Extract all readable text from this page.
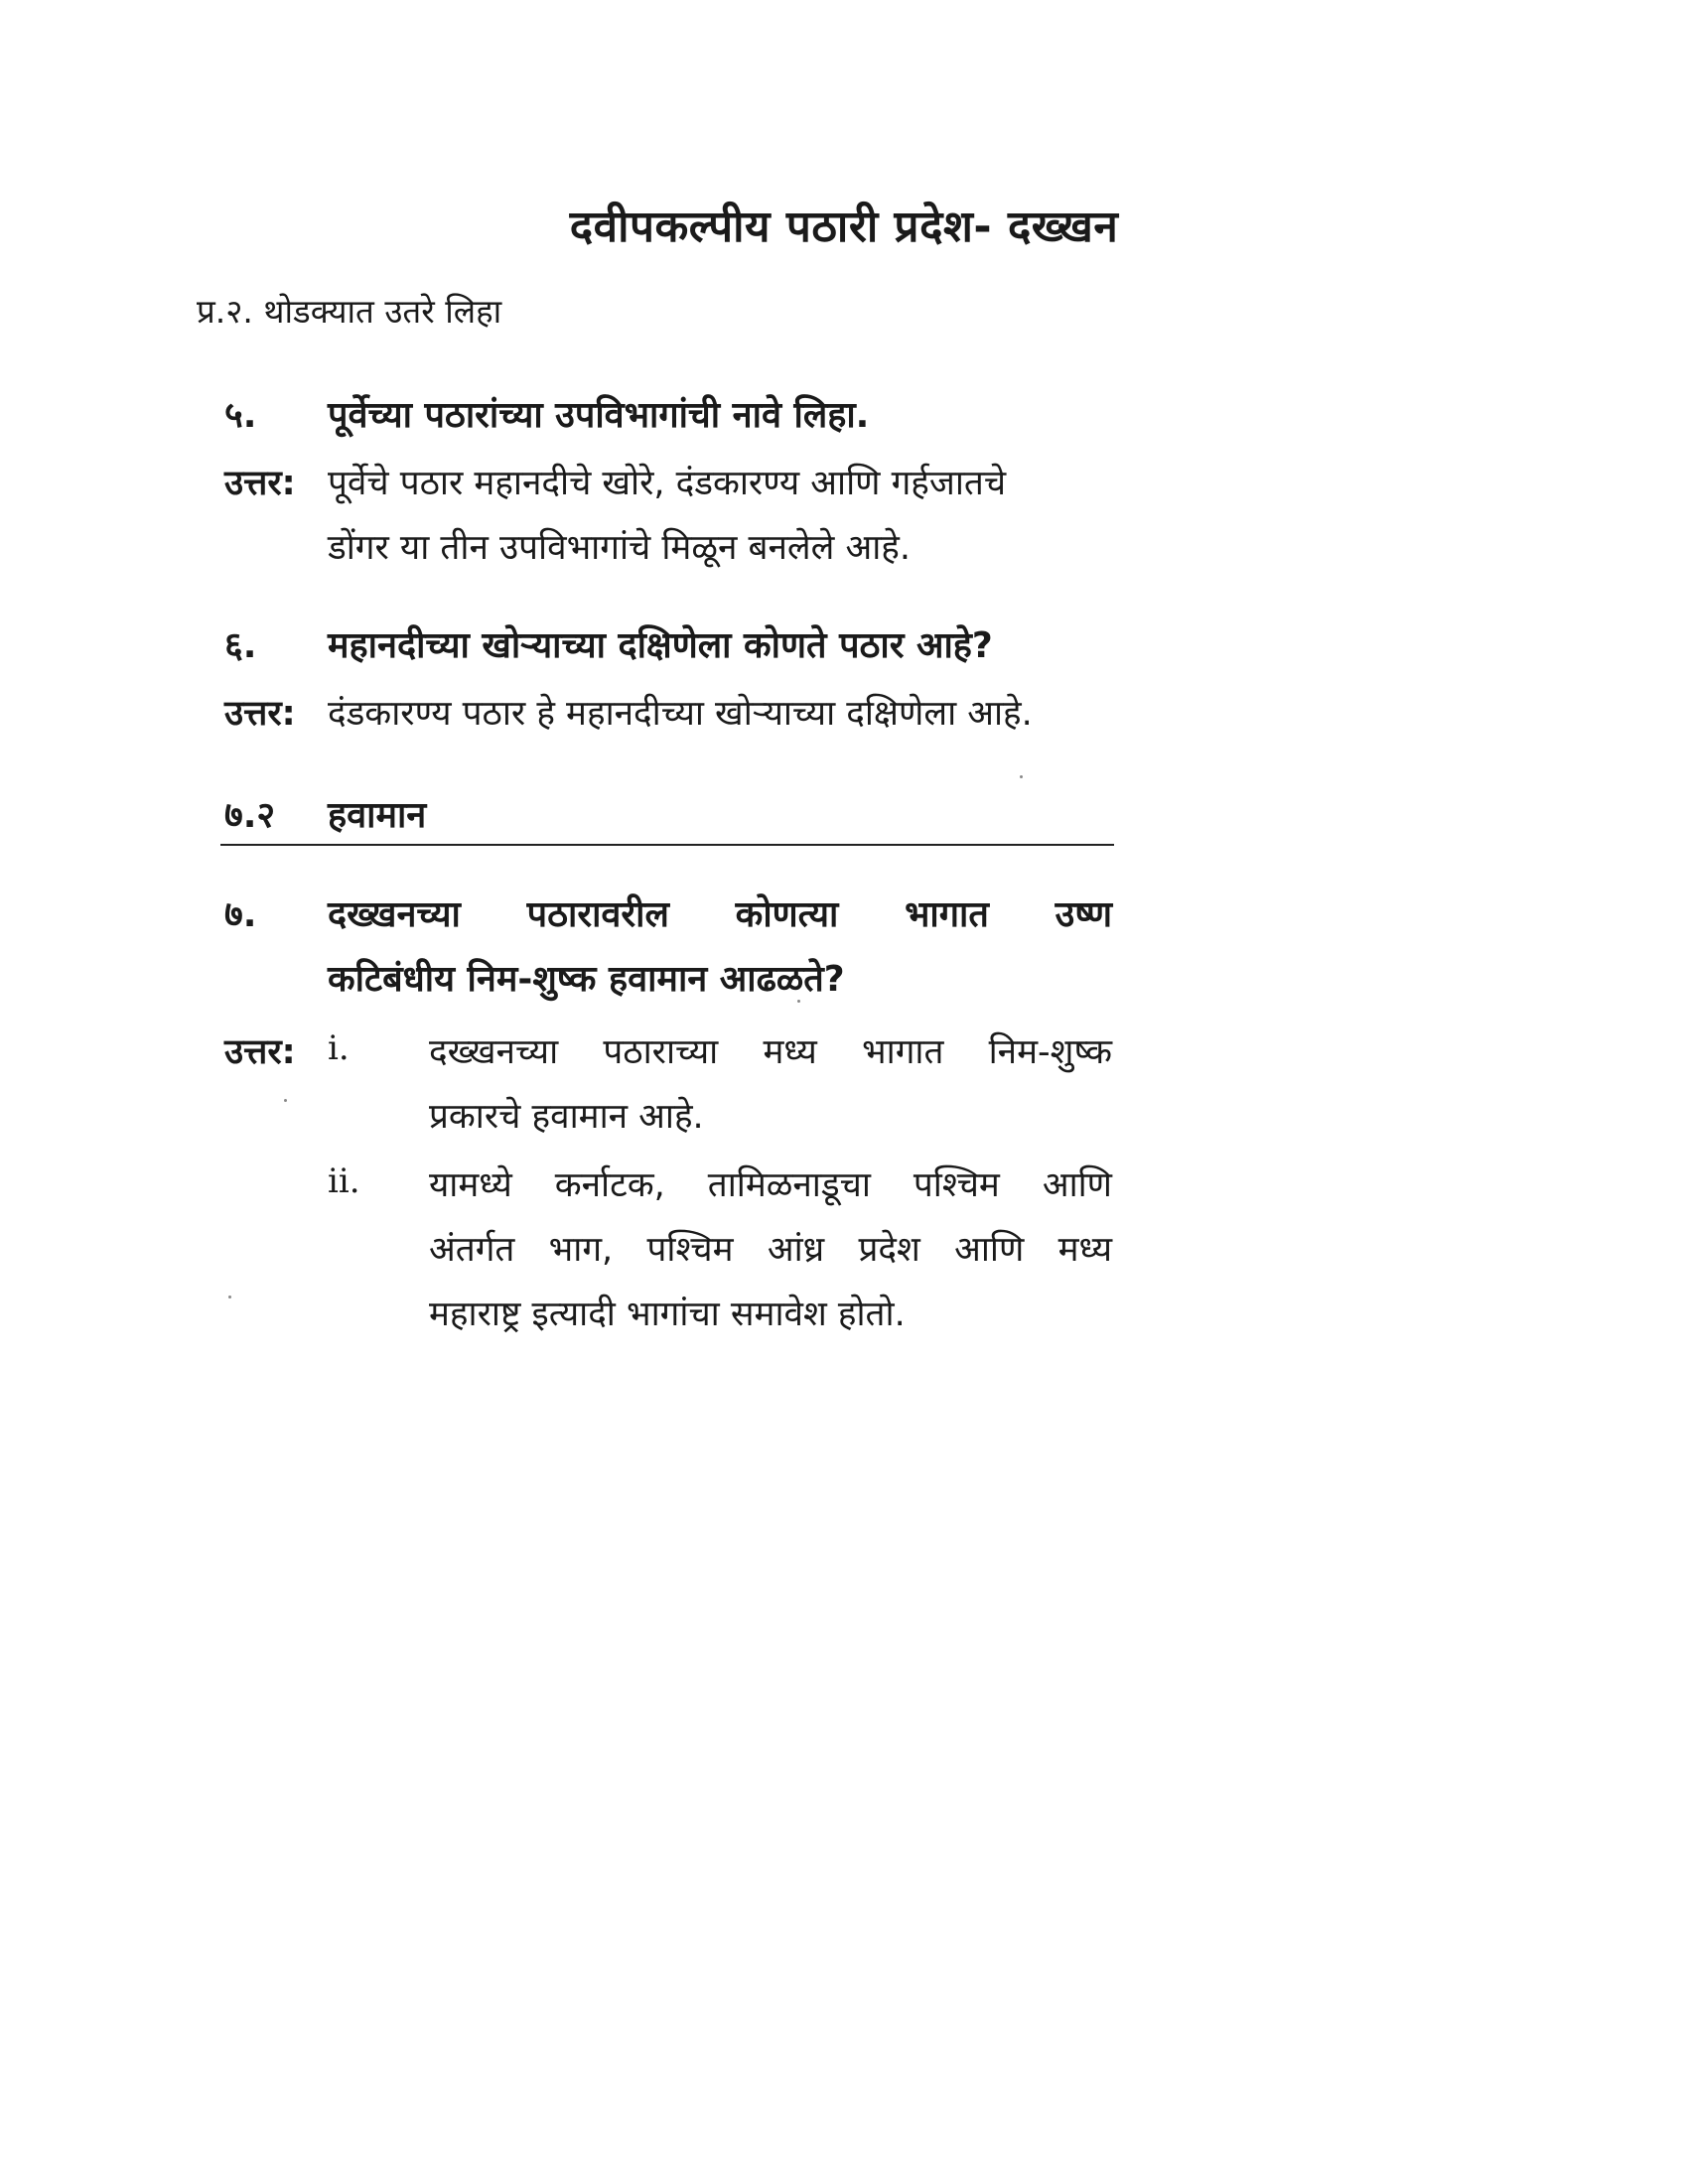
दवीपकल्पीय पठारी प्रदेश- दख्खन
प्र.२. थोडक्यात उतरे लिहा
५.	पूर्वेच्या पठारांच्या उपविभागांची नावे लिहा.
उत्तर: पूर्वेचे पठार महानदीचे खोरे, दंडकारण्य आणि गर्हजातचे
डोंगर या तीन उपविभागांचे मिळून बनलेले आहे.
६.	महानदीच्या खोऱ्याच्या दक्षिणेला कोणते पठार आहे?
उत्तर: दंडकारण्य पठार हे महानदीच्या खोऱ्याच्या दक्षिणेला आहे.
७.२	हवामान
७.	दख्खनच्या पठारावरील कोणत्या भागात उष्ण
कटिबंधीय निम-शुष्क हवामान आढळते?
उत्तर: i. दख्खनच्या पठाराच्या मध्य भागात निम-शुष्क
प्रकारचे हवामान आहे.
ii. यामध्ये कर्नाटक, तामिळनाडूचा पश्चिम आणि
अंतर्गत भाग, पश्चिम आंध्र प्रदेश आणि मध्य
महाराष्ट्र इत्यादी भागांचा समावेश होतो.
